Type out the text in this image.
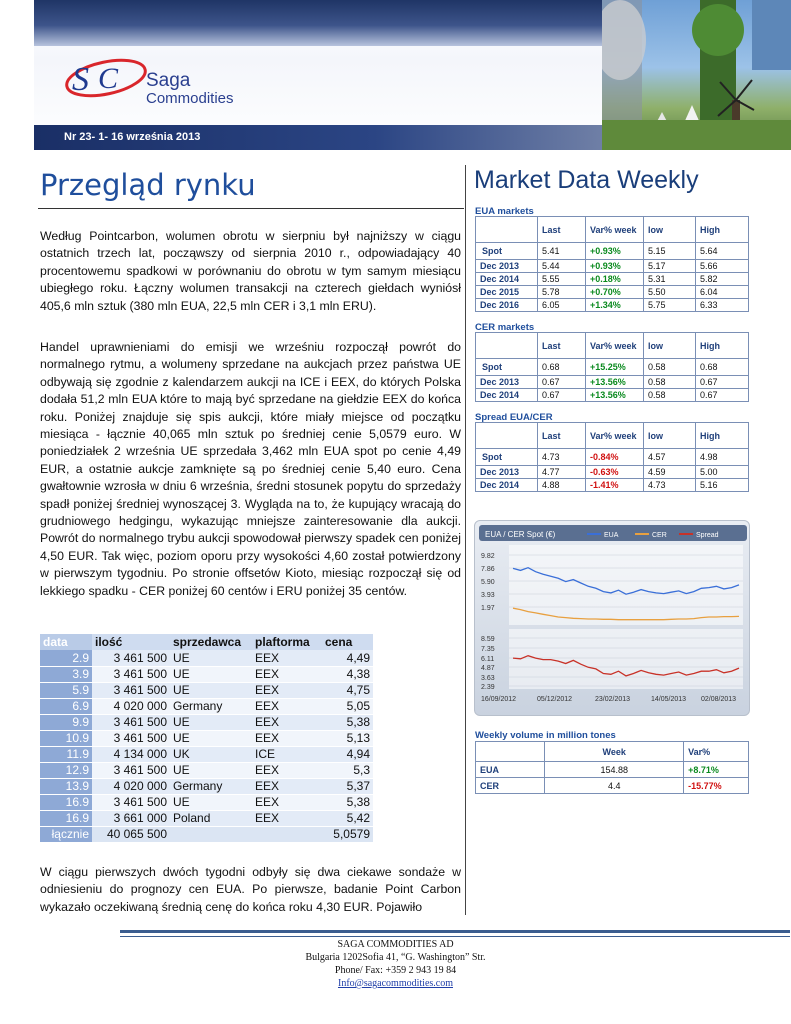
S C Saga
Commodities
Nr 23- 1- 16 września 2013
Przegląd rynku

Według Pointcarbon, wolumen obrotu w sierpniu był najniższy w ciągu ostatnich trzech lat, począwszy od sierpnia 2010 r., odpowiadający 40 procentowemu spadkowi w porównaniu do obrotu w tym samym miesiącu ubiegłego roku. Łączny wolumen transakcji na czterech giełdach wyniósł 405,6 mln sztuk (380 mln EUA, 22,5 mln CER i 3,1 mln ERU).

Handel uprawnieniami do emisji we wrześniu rozpoczął powrót do normalnego rytmu, a wolumeny sprzedane na aukcjach przez państwa UE odbywają się zgodnie z kalendarzem aukcji na ICE i EEX, do których Polska dodała 51,2 mln EUA które to mają być sprzedane na giełdzie EEX do końca roku. Poniżej znajduje się spis aukcji, które miały miejsce od początku miesiąca - łącznie 40,065 mln sztuk po średniej cenie 5,0579 euro. W poniedziałek 2 września UE sprzedała 3,462 mln EUA spot po cenie 4,49 EUR, a ostatnie aukcje zamknięte są po średniej cenie 5,40 euro. Cena gwałtownie wzrosła w dniu 6 września, średni stosunek popytu do sprzedaży spadł poniżej średniej wynoszącej 3. Wygląda na to, że kupujący wracają do grudniowego hedgingu, wykazując mniejsze zainteresowanie dla aukcji. Powrót do normalnego trybu aukcji spowodował pierwszy spadek cen poniżej 4,50 EUR. Tak więc, poziom oporu przy wysokości 4,60 został potwierdzony w pierwszym tygodniu. Po stronie offsetów Kioto, miesiąc rozpoczął się od lekkiego spadku - CER poniżej 60 centów i ERU poniżej 35 centów.

data	ilość	sprzedawca	plaftorma	cena
2.9	3 461 500	UE	EEX	4,49
3.9	3 461 500	UE	EEX	4,38
5.9	3 461 500	UE	EEX	4,75
6.9	4 020 000	Germany	EEX	5,05
9.9	3 461 500	UE	EEX	5,38
10.9	3 461 500	UE	EEX	5,13
11.9	4 134 000	UK	ICE	4,94
12.9	3 461 500	UE	EEX	5,3
13.9	4 020 000	Germany	EEX	5,37
16.9	3 461 500	UE	EEX	5,38
16.9	3 661 000	Poland	EEX	5,42
łącznie	40 065 500			5,0579

W ciągu pierwszych dwóch tygodni odbyły się dwa ciekawe sondaże w odniesieniu do prognozy cen EUA. Po pierwsze, badanie Point Carbon wykazało oczekiwaną średnią cenę do końca roku 4,30 EUR. Pojawiło

Market Data Weekly
EUA markets
	Last	Var% week	low	High
Spot	5.41	+0.93%	5.15	5.64
Dec 2013	5.44	+0.93%	5.17	5.66
Dec 2014	5.55	+0.18%	5.31	5.82
Dec 2015	5.78	+0.70%	5.50	6.04
Dec 2016	6.05	+1.34%	5.75	6.33
CER markets
	Last	Var% week	low	High
Spot	0.68	+15.25%	0.58	0.68
Dec 2013	0.67	+13.56%	0.58	0.67
Dec 2014	0.67	+13.56%	0.58	0.67
Spread EUA/CER
	Last	Var% week	low	High
Spot	4.73	-0.84%	4.57	4.98
Dec 2013	4.77	-0.63%	4.59	5.00
Dec 2014	4.88	-1.41%	4.73	5.16
EUA / CER Spot (€)	EUA	CER	Spread
9.82
7.86
5.90
3.93
1.97
8.59
7.35
6.11
4.87
3.63
2.39
16/09/2012	05/12/2012	23/02/2013	14/05/2013 02/08/2013
Weekly volume in million tones
	Week	Var%
EUA	154.88	+8.71%
CER	4.4	-15.77%
SAGA COMMODITIES AD
Bulgaria 1202Sofia 41, “G. Washington” Str.
Phone/ Fax: +359 2 943 19 84
Info@sagacommodities.com
